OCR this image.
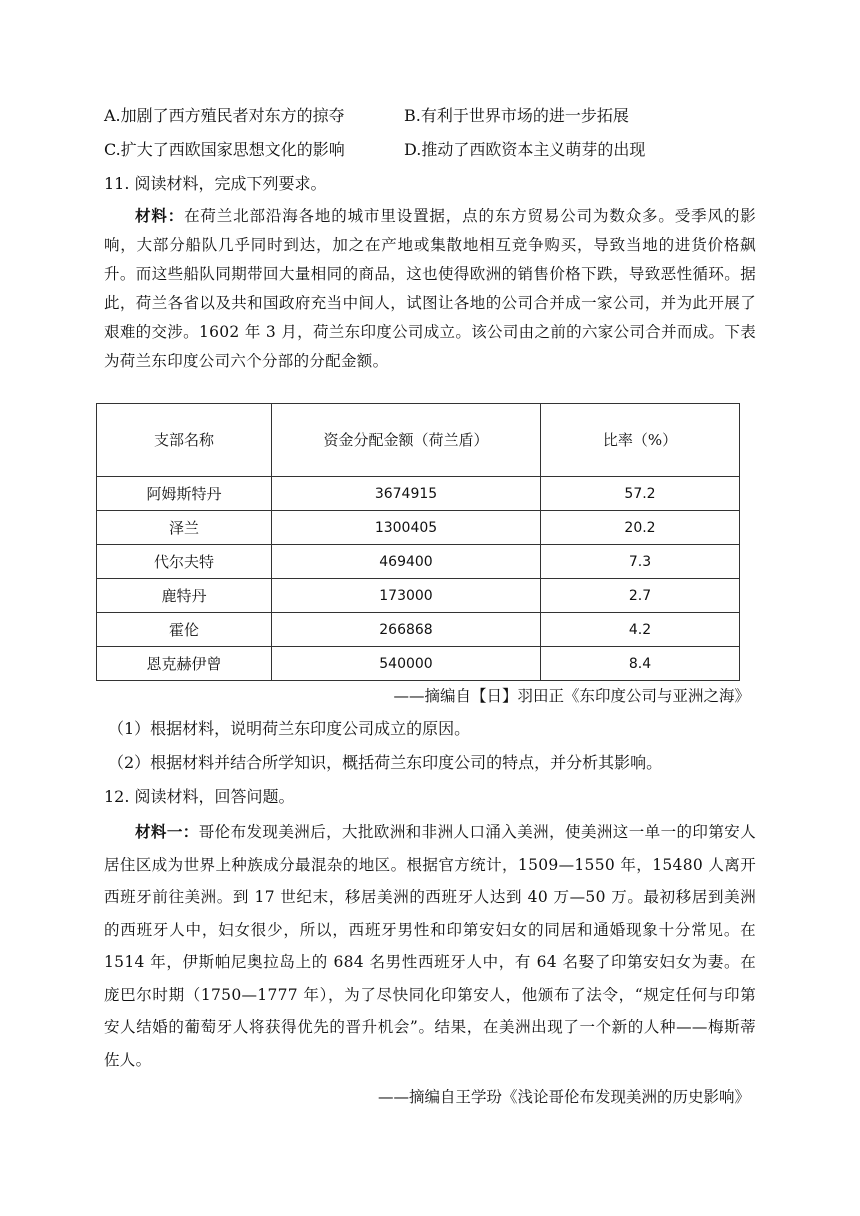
A.加剧了西方殖民者对东方的掠夺	B.有利于世界市场的进一步拓展
C.扩大了西欧国家思想文化的影响	D.推动了西欧资本主义萌芽的出现
11. 阅读材料，完成下列要求。
材料：在荷兰北部沿海各地的城市里设置据，点的东方贸易公司为数众多。受季风的影响，大部分船队几乎同时到达，加之在产地或集散地相互竞争购买，导致当地的进货价格飙升。而这些船队同期带回大量相同的商品，这也使得欧洲的销售价格下跌，导致恶性循环。据此，荷兰各省以及共和国政府充当中间人，试图让各地的公司合并成一家公司，并为此开展了艰难的交涉。1602 年 3 月，荷兰东印度公司成立。该公司由之前的六家公司合并而成。下表为荷兰东印度公司六个分部的分配金额。
支部名称	资金分配金额（荷兰盾）	比率（%）
阿姆斯特丹	3674915	57.2
泽兰	1300405	20.2
代尔夫特	469400	7.3
鹿特丹	173000	2.7
霍伦	266868	4.2
恩克赫伊曾	540000	8.4
——摘编自【日】羽田正《东印度公司与亚洲之海》
（1）根据材料，说明荷兰东印度公司成立的原因。
（2）根据材料并结合所学知识，概括荷兰东印度公司的特点，并分析其影响。
12. 阅读材料，回答问题。
材料一：哥伦布发现美洲后，大批欧洲和非洲人口涌入美洲，使美洲这一单一的印第安人居住区成为世界上种族成分最混杂的地区。根据官方统计，1509—1550 年，15480 人离开西班牙前往美洲。到 17 世纪末，移居美洲的西班牙人达到 40 万—50 万。最初移居到美洲的西班牙人中，妇女很少，所以，西班牙男性和印第安妇女的同居和通婚现象十分常见。在 1514 年，伊斯帕尼奥拉岛上的 684 名男性西班牙人中，有 64 名娶了印第安妇女为妻。在庞巴尔时期（1750—1777 年），为了尽快同化印第安人，他颁布了法令，“规定任何与印第安人结婚的葡萄牙人将获得优先的晋升机会”。结果，在美洲出现了一个新的人种——梅斯蒂佐人。
——摘编自王学玢《浅论哥伦布发现美洲的历史影响》
